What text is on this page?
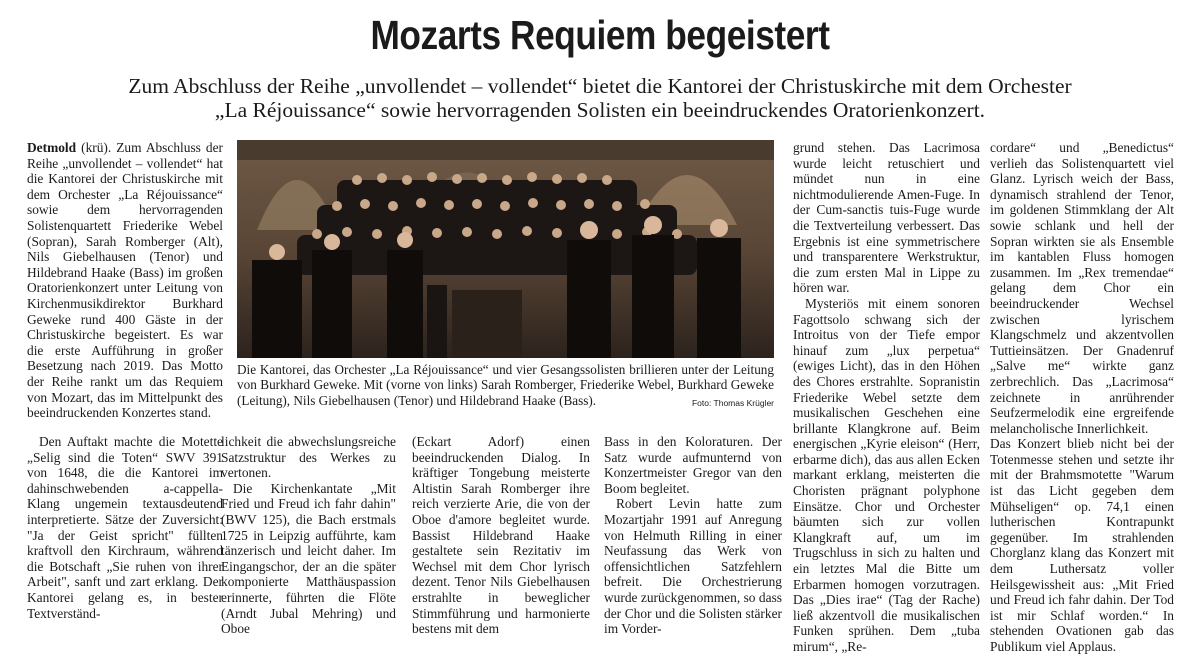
Mozarts Requiem begeistert
Zum Abschluss der Reihe „unvollendet – vollendet“ bietet die Kantorei der Christuskirche mit dem Orchester
„La Réjouissance“ sowie hervorragenden Solisten ein beeindruckendes Oratorienkonzert.

Detmold (krü). Zum Abschluss der Reihe „unvollendet – vollendet“ hat die Kantorei der Christuskirche mit dem Orchester „La Réjouissance“ sowie dem hervorragenden Solistenquartett Friederike Webel (Sopran), Sarah Romberger (Alt), Nils Giebelhausen (Tenor) und Hildebrand Haake (Bass) im großen Oratorienkonzert unter Leitung von Kirchenmusikdirektor Burkhard Geweke rund 400 Gäste in der Christuskirche begeistert. Es war die erste Aufführung in großer Besetzung nach 2019. Das Motto der Reihe rankt um das Requiem von Mozart, das im Mittelpunkt des beeindruckenden Konzertes stand.

Den Auftakt machte die Motette „Selig sind die Toten“ SWV 391 von 1648, die die Kantorei im dahinschwebenden a-cappella-Klang ungemein textausdeutend interpretierte. Sätze der Zuversicht: "Ja der Geist spricht" füllten kraftvoll den Kirchraum, während die Botschaft „Sie ruhen von ihrer Arbeit", sanft und zart erklang. Der Kantorei gelang es, in bester Textverständ-

Die Kantorei, das Orchester „La Réjouissance“ und vier Gesangssolisten brillieren unter der Leitung von Burkhard Geweke. Mit (vorne von links) Sarah Romberger, Friederike Webel, Burkhard Geweke (Leitung), Nils Giebelhausen (Tenor) und Hildebrand Haake (Bass).	Foto: Thomas Krügler

lichkeit die abwechslungsreiche Satzstruktur des Werkes zu vertonen.

Die Kirchenkantate „Mit Fried und Freud ich fahr dahin" (BWV 125), die Bach erstmals 1725 in Leipzig aufführte, kam tänzerisch und leicht daher. Im Eingangschor, der an die später komponierte Matthäuspassion erinnerte, führten die Flöte (Arndt Jubal Mehring) und Oboe

(Eckart Adorf) einen beeindruckenden Dialog. In kräftiger Tongebung meisterte Altistin Sarah Romberger ihre reich verzierte Arie, die von der Oboe d'amore begleitet wurde. Bassist Hildebrand Haake gestaltete sein Rezitativ im Wechsel mit dem Chor lyrisch dezent. Tenor Nils Giebelhausen erstrahlte in beweglicher Stimmführung und harmonierte bestens mit dem

Bass in den Koloraturen. Der Satz wurde aufmunternd von Konzertmeister Gregor van den Boom begleitet.

Robert Levin hatte zum Mozartjahr 1991 auf Anregung von Helmuth Rilling in einer Neufassung das Werk von offensichtlichen Satzfehlern befreit. Die Orchestrierung wurde zurückgenommen, so dass der Chor und die Solisten stärker im Vorder-

grund stehen. Das Lacrimosa wurde leicht retuschiert und mündet nun in eine nichtmodulierende Amen-Fuge. In der Cum-sanctis tuis-Fuge wurde die Textverteilung verbessert. Das Ergebnis ist eine symmetrischere und transparentere Werkstruktur, die zum ersten Mal in Lippe zu hören war.

Mysteriös mit einem sonoren Fagottsolo schwang sich der Introitus von der Tiefe empor hinauf zum „lux perpetua“ (ewiges Licht), das in den Höhen des Chores erstrahlte. Sopranistin Friederike Webel setzte dem musikalischen Geschehen eine brillante Klangkrone auf. Beim energischen „Kyrie eleison“ (Herr, erbarme dich), das aus allen Ecken markant erklang, meisterten die Choristen prägnant polyphone Einsätze. Chor und Orchester bäumten sich zur vollen Klangkraft auf, um im Trugschluss in sich zu halten und ein letztes Mal die Bitte um Erbarmen homogen vorzutragen. Das „Dies irae“ (Tag der Rache) ließ akzentvoll die musikalischen Funken sprühen. Dem „tuba mirum“, „Re-

cordare“ und „Benedictus“ verlieh das Solistenquartett viel Glanz. Lyrisch weich der Bass, dynamisch strahlend der Tenor, im goldenen Stimmklang der Alt sowie schlank und hell der Sopran wirkten sie als Ensemble im kantablen Fluss homogen zusammen. Im „Rex tremendae“ gelang dem Chor ein beeindruckender Wechsel zwischen lyrischem Klangschmelz und akzentvollen Tuttieinsätzen. Der Gnadenruf „Salve me“ wirkte ganz zerbrechlich. Das „Lacrimosa“ zeichnete in anrührender Seufzermelodik eine ergreifende melancholische Innerlichkeit.

Das Konzert blieb nicht bei der Totenmesse stehen und setzte ihr mit der Brahmsmotette "Warum ist das Licht gegeben dem Mühseligen“ op. 74,1 einen lutherischen Kontrapunkt gegenüber. Im strahlenden Chorglanz klang das Konzert mit dem Luthersatz voller Heilsgewissheit aus: „Mit Fried und Freud ich fahr dahin. Der Tod ist mir Schlaf worden.“ In stehenden Ovationen gab das Publikum viel Applaus.
